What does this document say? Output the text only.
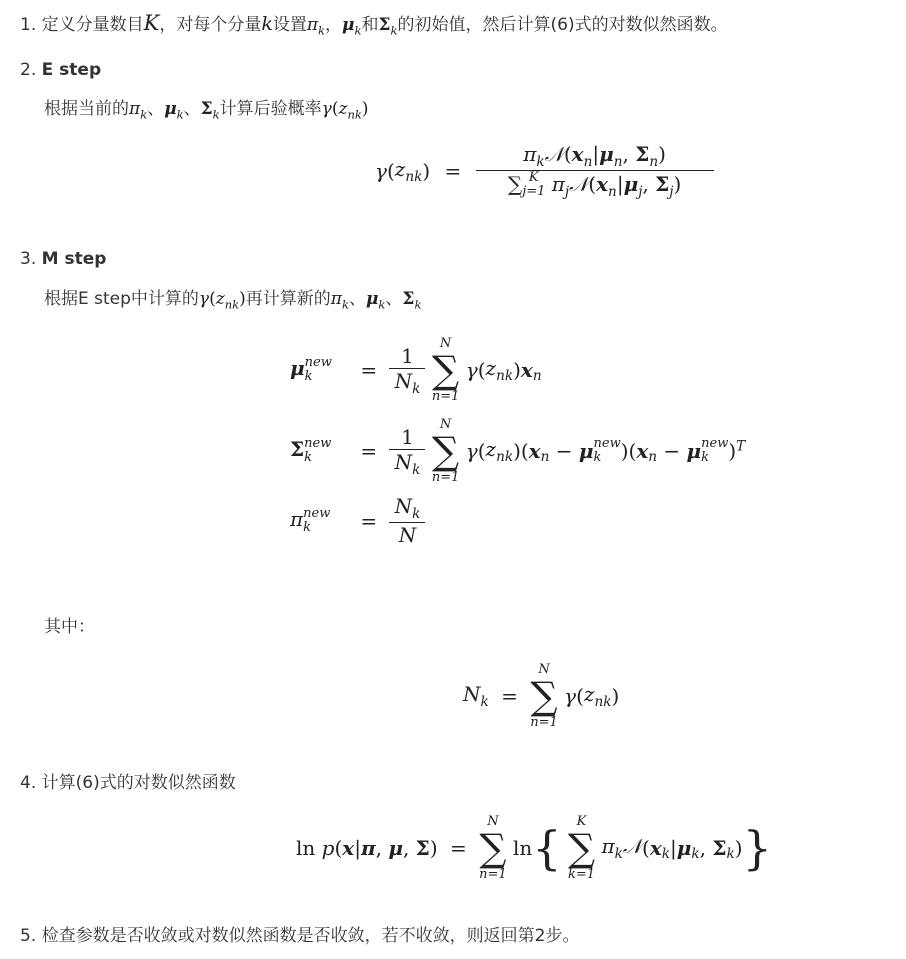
1. 定义分量数目K，对每个分量k设置$\pi_k$，$\mu_k$和$\Sigma_k$的初始值，然后计算(6)式的对数似然函数。
2. E step
根据当前的$\pi_k$、$\mu_k$、$\Sigma_k$计算后验概率$\gamma(z_{nk})$
$\gamma(z_{nk})$ = $\pi_k𝒩(x_n|\mu_n$, $\Sigma_n$)
∑ K
j=1 $\pi_j𝒩(x_n|\mu_j$, $\Sigma_j$)
3. M step
根据E step中计算的$\gamma(z_{nk})$再计算新的$\pi_k$、$\mu_k$、$\Sigma_k$
μ new
k	= $\frac{1}{N_k}$
	N
∑
n=1
$\gamma(z_{nk})x_n$
Σ new
k	= $\frac{1}{N_k}$
	N
∑
n=1
$\gamma(z_{nk})(x_n - \mu$ new
k )($x_n - \mu$ new
k )$^T$
π new
k	= $\frac{N_k}{N}$
其中：
$N_k$ =
N
∑
n=1
$\gamma(z_{nk})$
4. 计算(6)式的对数似然函数
ln p(x|π, μ, Σ) =
N
∑
n=1
ln{	K
∑
k=1
$\pi_k𝒩(x_k|\mu_k$, $\Sigma_k$)}
5. 检查参数是否收敛或对数似然函数是否收敛，若不收敛，则返回第2步。
